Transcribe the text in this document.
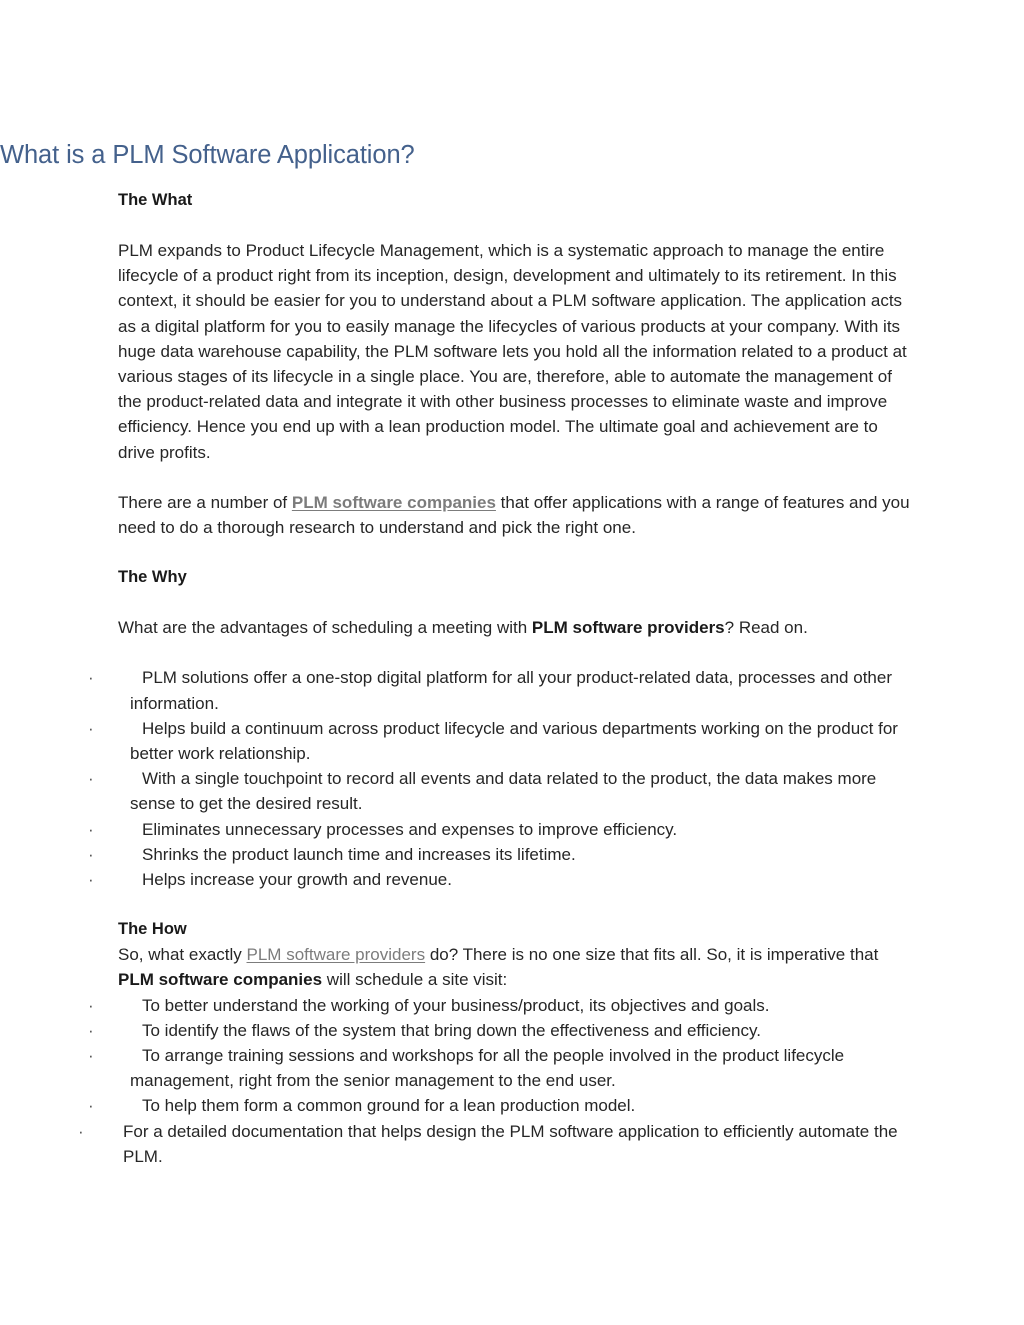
What is a PLM Software Application?
The What

PLM expands to Product Lifecycle Management, which is a systematic approach to manage the entire lifecycle of a product right from its inception, design, development and ultimately to its retirement. In this context, it should be easier for you to understand about a PLM software application. The application acts as a digital platform for you to easily manage the lifecycles of various products at your company. With its huge data warehouse capability, the PLM software lets you hold all the information related to a product at various stages of its lifecycle in a single place. You are, therefore, able to automate the management of the product-related data and integrate it with other business processes to eliminate waste and improve efficiency. Hence you end up with a lean production model. The ultimate goal and achievement are to drive profits.

There are a number of PLM software companies that offer applications with a range of features and you need to do a thorough research to understand and pick the right one.

The Why

What are the advantages of scheduling a meeting with PLM software providers? Read on.

·	PLM solutions offer a one-stop digital platform for all your product-related data, processes and other information.
·	Helps build a continuum across product lifecycle and various departments working on the product for better work relationship.
·	With a single touchpoint to record all events and data related to the product, the data makes more sense to get the desired result.
·	Eliminates unnecessary processes and expenses to improve efficiency.
·	Shrinks the product launch time and increases its lifetime.
·	Helps increase your growth and revenue.
The How

So, what exactly PLM software providers do? There is no one size that fits all. So, it is imperative that PLM software companies will schedule a site visit:

·	To better understand the working of your business/product, its objectives and goals.
·	To identify the flaws of the system that bring down the effectiveness and efficiency.
·	To arrange training sessions and workshops for all the people involved in the product lifecycle management, right from the senior management to the end user.
·	To help them form a common ground for a lean production model.
· For a detailed documentation that helps design the PLM software application to efficiently automate the PLM.
